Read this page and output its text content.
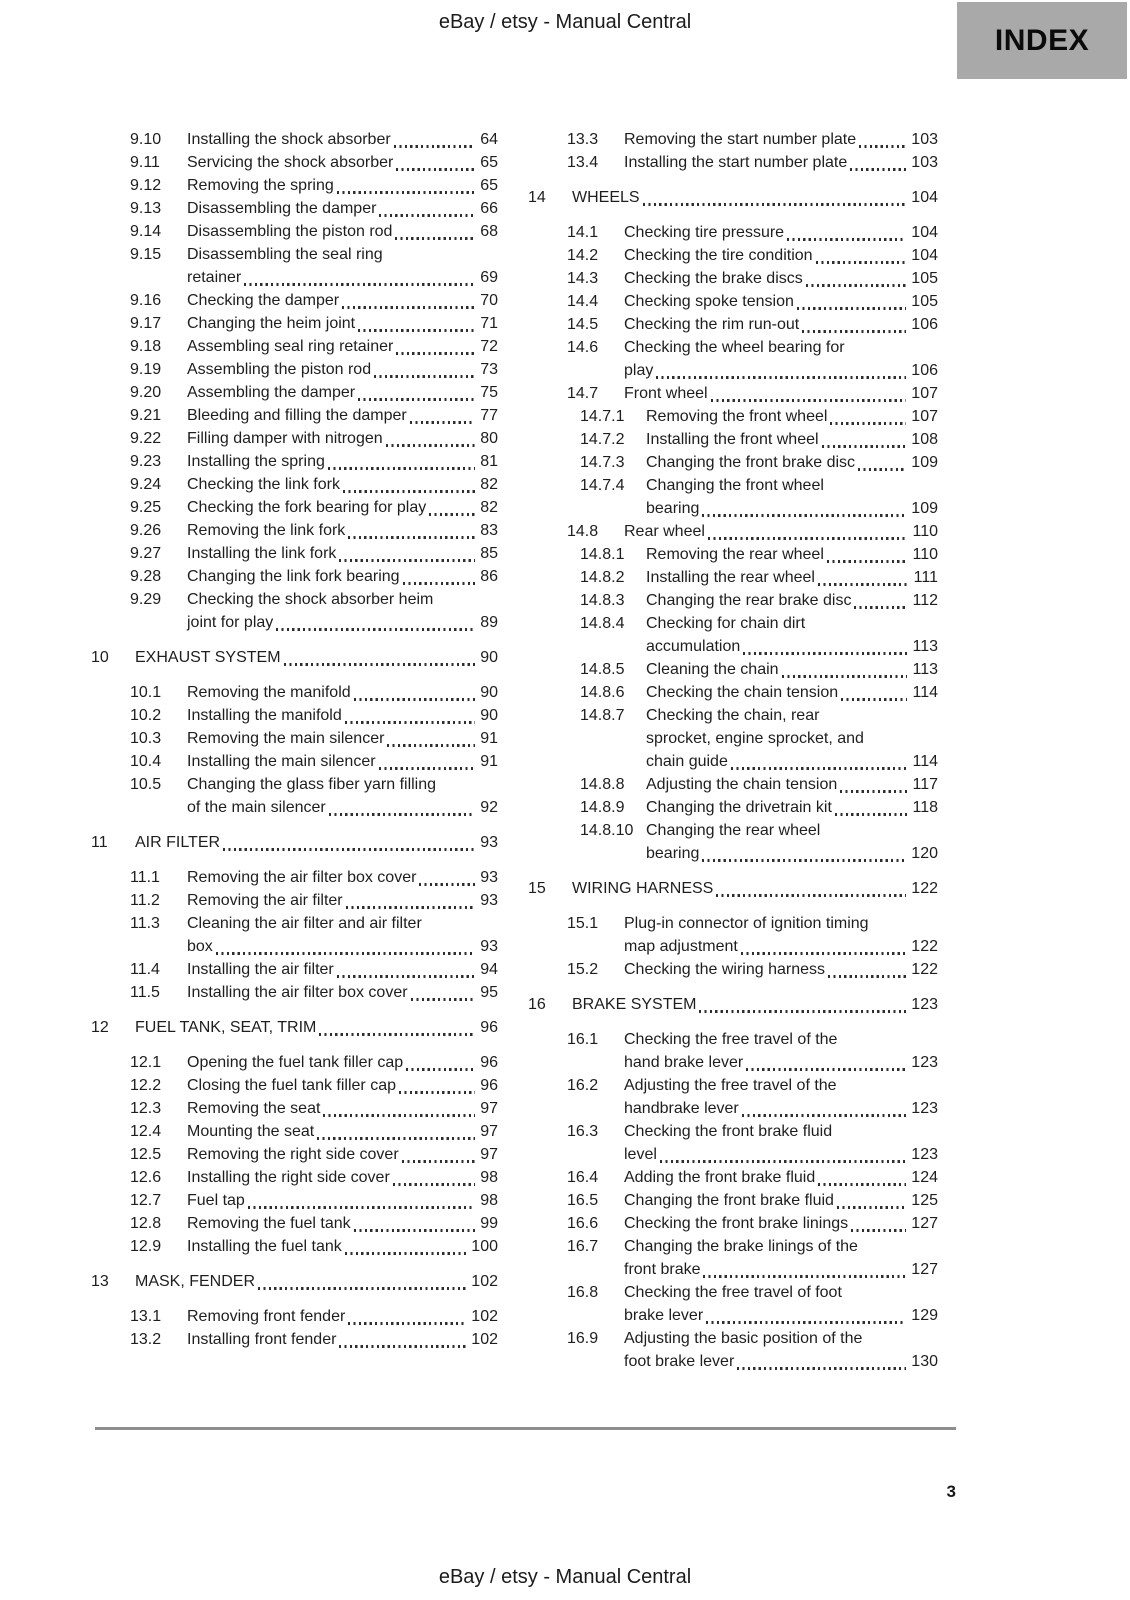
eBay / etsy - Manual Central
INDEX
9.10	Installing the shock absorber	64
9.11	Servicing the shock absorber	65
9.12	Removing the spring	65
9.13	Disassembling the damper	66
9.14	Disassembling the piston rod	68
9.15	Disassembling the seal ring
retainer	69
9.16	Checking the damper	70
9.17	Changing the heim joint	71
9.18	Assembling seal ring retainer	72
9.19	Assembling the piston rod	73
9.20	Assembling the damper	75
9.21	Bleeding and filling the damper	77
9.22	Filling damper with nitrogen	80
9.23	Installing the spring	81
9.24	Checking the link fork	82
9.25	Checking the fork bearing for play	82
9.26	Removing the link fork	83
9.27	Installing the link fork	85
9.28	Changing the link fork bearing	86
9.29	Checking the shock absorber heim
joint for play	89
10	EXHAUST SYSTEM	90
10.1	Removing the manifold	90
10.2	Installing the manifold	90
10.3	Removing the main silencer	91
10.4	Installing the main silencer	91
10.5	Changing the glass fiber yarn filling
of the main silencer	92
11	AIR FILTER	93
11.1	Removing the air filter box cover	93
11.2	Removing the air filter	93
11.3	Cleaning the air filter and air filter
box	93
11.4	Installing the air filter	94
11.5	Installing the air filter box cover	95
12	FUEL TANK, SEAT, TRIM	96
12.1	Opening the fuel tank filler cap	96
12.2	Closing the fuel tank filler cap	96
12.3	Removing the seat	97
12.4	Mounting the seat	97
12.5	Removing the right side cover	97
12.6	Installing the right side cover	98
12.7	Fuel tap	98
12.8	Removing the fuel tank	99
12.9	Installing the fuel tank	100
13	MASK, FENDER	102
13.1	Removing front fender	102
13.2	Installing front fender	102
13.3	Removing the start number plate	103
13.4	Installing the start number plate	103
14	WHEELS	104
14.1	Checking tire pressure	104
14.2	Checking the tire condition	104
14.3	Checking the brake discs	105
14.4	Checking spoke tension	105
14.5	Checking the rim run-out	106
14.6	Checking the wheel bearing for
play	106
14.7	Front wheel	107
14.7.1	Removing the front wheel	107
14.7.2	Installing the front wheel	108
14.7.3	Changing the front brake disc	109
14.7.4	Changing the front wheel
bearing	109
14.8	Rear wheel	110
14.8.1	Removing the rear wheel	110
14.8.2	Installing the rear wheel	111
14.8.3	Changing the rear brake disc	112
14.8.4	Checking for chain dirt
accumulation	113
14.8.5	Cleaning the chain	113
14.8.6	Checking the chain tension	114
14.8.7	Checking the chain, rear
sprocket, engine sprocket, and
chain guide	114
14.8.8	Adjusting the chain tension	117
14.8.9	Changing the drivetrain kit	118
14.8.10 Changing the rear wheel
bearing	120
15	WIRING HARNESS	122
15.1	Plug-in connector of ignition timing
map adjustment	122
15.2	Checking the wiring harness	122
16	BRAKE SYSTEM	123
16.1	Checking the free travel of the
hand brake lever	123
16.2	Adjusting the free travel of the
handbrake lever	123
16.3	Checking the front brake fluid
level	123
16.4	Adding the front brake fluid	124
16.5	Changing the front brake fluid	125
16.6	Checking the front brake linings	127
16.7	Changing the brake linings of the
front brake	127
16.8	Checking the free travel of foot
brake lever	129
16.9	Adjusting the basic position of the
foot brake lever	130
3
eBay / etsy - Manual Central
